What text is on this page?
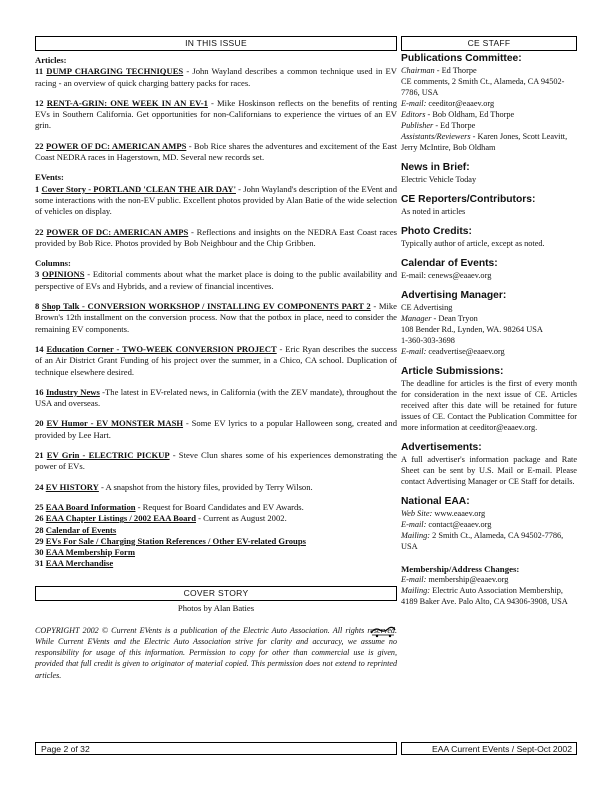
IN THIS ISSUE
Articles:
11 DUMP CHARGING TECHNIQUES - John Wayland describes a common technique used in EV racing - an overview of quick charging battery packs for races.
12 RENT-A-GRIN: ONE WEEK IN AN EV-1 - Mike Hoskinson reflects on the benefits of renting EVs in Southern California. Get opportunities for non-Californians to experience the virtues of an EV grin.
22 POWER OF DC: AMERICAN AMPS - Bob Rice shares the adventures and excitement of the East Coast NEDRA races in Hagerstown, MD. Several new records set.
EVents:
1 Cover Story - PORTLAND 'CLEAN THE AIR DAY' - John Wayland's description of the EVent and some interactions with the non-EV public. Excellent photos provided by Alan Batie of the wide selection of vehicles on display.
22 POWER OF DC: AMERICAN AMPS - Reflections and insights on the NEDRA East Coast races provided by Bob Rice. Photos provided by Bob Neighbour and the Chip Gribben.
Columns:
3 OPINIONS - Editorial comments about what the market place is doing to the public availability and perspective of EVs and Hybrids, and a review of financial incentives.
8 Shop Talk - CONVERSION WORKSHOP / INSTALLING EV COMPONENTS PART 2 - Mike Brown's 12th installment on the conversion process. Now that the potbox in place, need to consider the remaining EV components.
14 Education Corner - TWO-WEEK CONVERSION PROJECT - Eric Ryan describes the success of an Air District Grant Funding of his project over the summer, in a Chico, CA school. Duplication of technique elsewhere desired.
16 Industry News -The latest in EV-related news, in California (with the ZEV mandate), throughout the USA and overseas.
20 EV Humor - EV MONSTER MASH - Some EV lyrics to a popular Halloween song, created and provided by Lee Hart.
21 EV Grin - ELECTRIC PICKUP - Steve Clun shares some of his experiences demonstrating the power of EVs.
24 EV HISTORY - A snapshot from the history files, provided by Terry Wilson.
25 EAA Board Information - Request for Board Candidates and EV Awards.
26 EAA Chapter Listings / 2002 EAA Board - Current as August 2002.
28 Calendar of Events
29 EVs For Sale / Charging Station References / Other EV-related Groups
30 EAA Membership Form
31 EAA Merchandise
COVER STORY
Photos by Alan Baties
COPYRIGHT 2002 © Current EVents is a publication of the Electric Auto Association. All rights reserved. While Current EVents and the Electric Auto Association strive for clarity and accuracy, we assume no responsibility for usage of this information. Permission to copy for other than commercial use is given, provided that full credit is given to originator of material copied. This permission does not extend to reprinted articles.
CE STAFF
Publications Committee:
Chairman - Ed Thorpe
CE comments, 2 Smith Ct., Alameda, CA 94502-7786, USA
E-mail: ceeditor@eaaev.org
Editors - Bob Oldham, Ed Thorpe
Publisher - Ed Thorpe
Assistants/Reviewers - Karen Jones, Scott Leavitt, Jerry McIntire, Bob Oldham
News in Brief:
Electric Vehicle Today
CE Reporters/Contributors:
As noted in articles
Photo Credits:
Typically author of article, except as noted.
Calendar of Events:
E-mail: cenews@eaaev.org
Advertising Manager:
CE Advertising
Manager - Dean Tryon
108 Bender Rd., Lynden, WA. 98264 USA
1-360-303-3698
E-mail: ceadvertise@eaaev.org
Article Submissions:
The deadline for articles is the first of every month for consideration in the next issue of CE. Articles received after this date will be retained for future issues of CE. Contact the Publication Committee for more information at ceeditor@eaaev.org.
Advertisements:
A full advertiser's information package and Rate Sheet can be sent by U.S. Mail or E-mail. Please contact Advertising Manager or CE Staff for details.
National EAA:
Web Site: www.eaaev.org
E-mail: contact@eaaev.org
Mailing: 2 Smith Ct., Alameda, CA 94502-7786, USA
Membership/Address Changes:
E-mail: membership@eaaev.org
Mailing: Electric Auto Association Membership, 4189 Baker Ave. Palo Alto, CA 94306-3908, USA
Page 2 of 32	EAA Current EVents / Sept-Oct 2002
